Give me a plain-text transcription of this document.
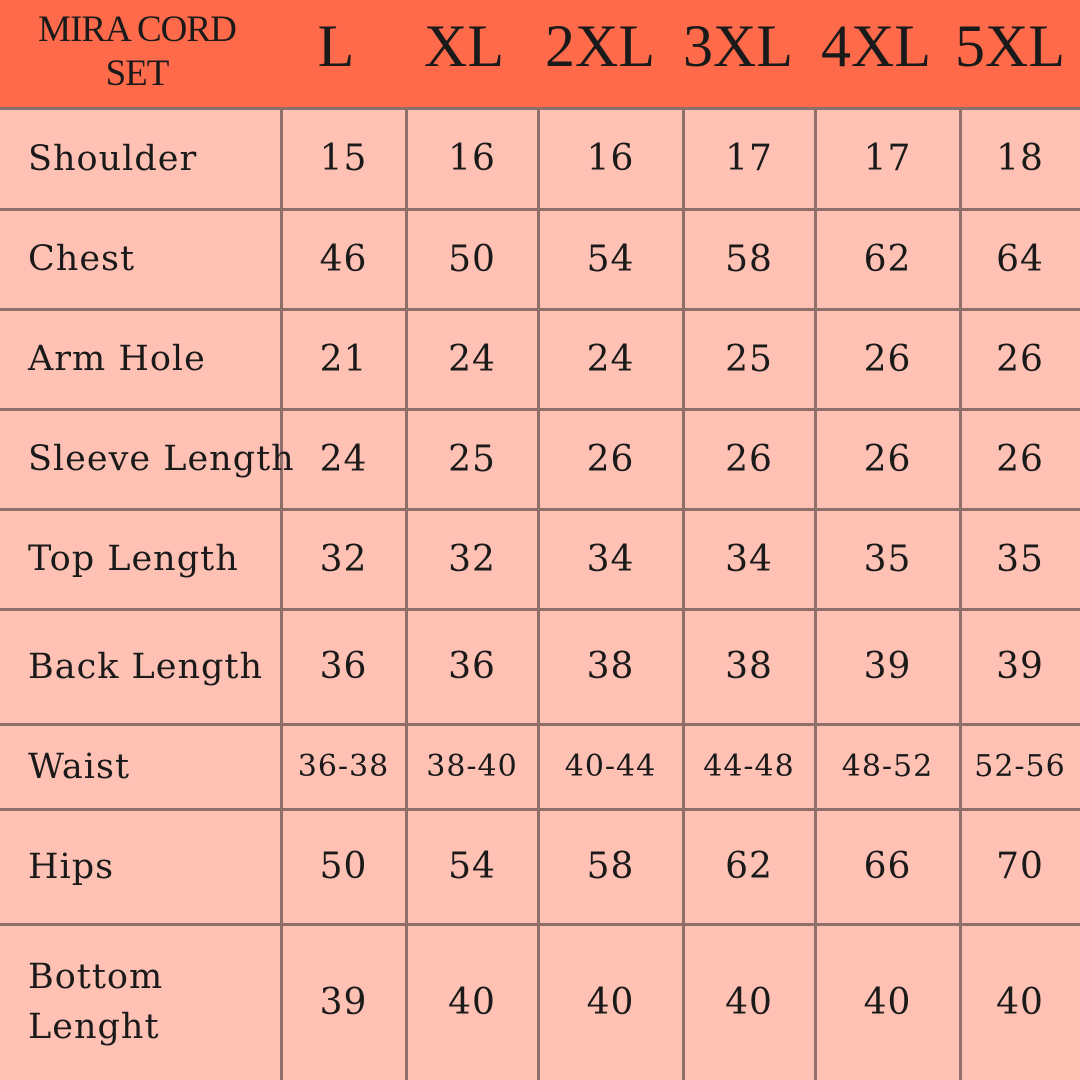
MIRA CORD
SET	L	XL 2XL 3XL 4XL 5XL
Shoulder	15	16	16	17	17	18
Chest	46	50	54	58	62	64
Arm Hole	21	24	24	25	26	26
Sleeve Length 24	25	26	26	26	26
Top Length	32	32	34	34	35	35
Back Length	36	36	38	38	39	39
Waist	36-38	38-40	40-44	44-48	48-52	52-56
Hips	50	54	58	62	66	70
Bottom
Lenght
39	40	40	40	40	40
